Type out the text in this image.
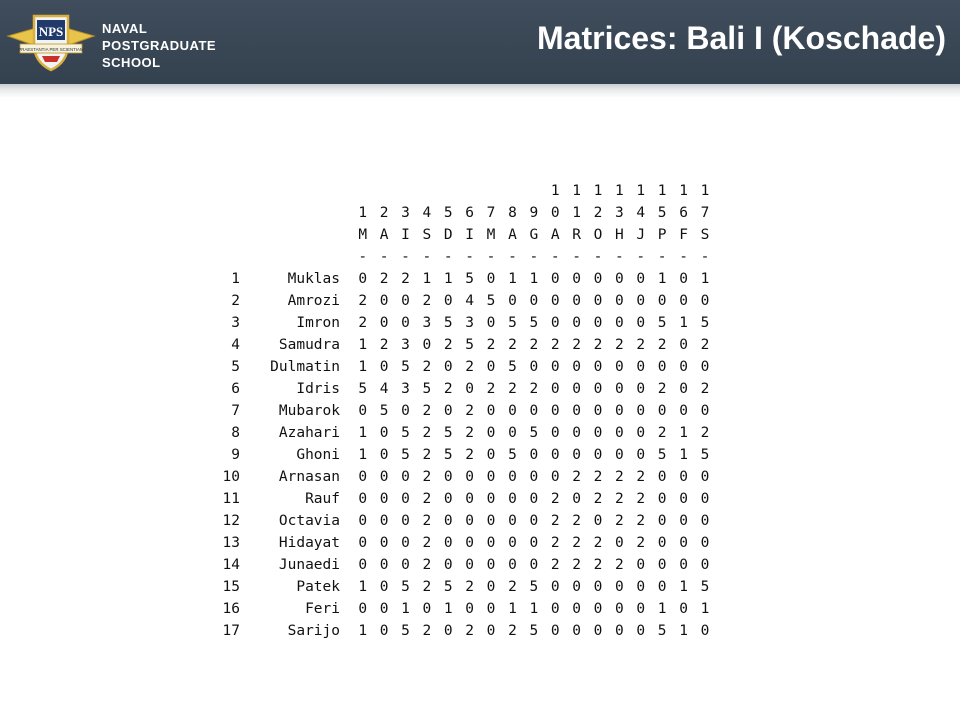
NPS
PRAESTANTIA PER SCIENTIAM
NAVAL
POSTGRADUATE
SCHOOL
Matrices: Bali I (Koschade)
1 1 1 1 1 1 1 1
1 2 3 4 5 6 7 8 9 0 1 2 3 4 5 6 7
M A I S D I M A G A R O H J P F S
- - - - - - - - - - - - - - - - -
1	Muklas	0 2 2 1 1 5 0 1 1 0 0 0 0 0 1 0 1
2	Amrozi	2 0 0 2 0 4 5 0 0 0 0 0 0 0 0 0 0
3	Imron	2 0 0 3 5 3 0 5 5 0 0 0 0 0 5 1 5
4	Samudra	1 2 3 0 2 5 2 2 2 2 2 2 2 2 2 0 2
5	Dulmatin	1 0 5 2 0 2 0 5 0 0 0 0 0 0 0 0 0
6	Idris	5 4 3 5 2 0 2 2 2 0 0 0 0 0 2 0 2
7	Mubarok	0 5 0 2 0 2 0 0 0 0 0 0 0 0 0 0 0
8	Azahari	1 0 5 2 5 2 0 0 5 0 0 0 0 0 2 1 2
9	Ghoni	1 0 5 2 5 2 0 5 0 0 0 0 0 0 5 1 5
10	Arnasan	0 0 0 2 0 0 0 0 0 0 2 2 2 2 0 0 0
11	Rauf	0 0 0 2 0 0 0 0 0 2 0 2 2 2 0 0 0
12	Octavia	0 0 0 2 0 0 0 0 0 2 2 0 2 2 0 0 0
13	Hidayat	0 0 0 2 0 0 0 0 0 2 2 2 0 2 0 0 0
14	Junaedi	0 0 0 2 0 0 0 0 0 2 2 2 2 0 0 0 0
15	Patek	1 0 5 2 5 2 0 2 5 0 0 0 0 0 0 1 5
16	Feri	0 0 1 0 1 0 0 1 1 0 0 0 0 0 1 0 1
17	Sarijo	1 0 5 2 0 2 0 2 5 0 0 0 0 0 5 1 0
